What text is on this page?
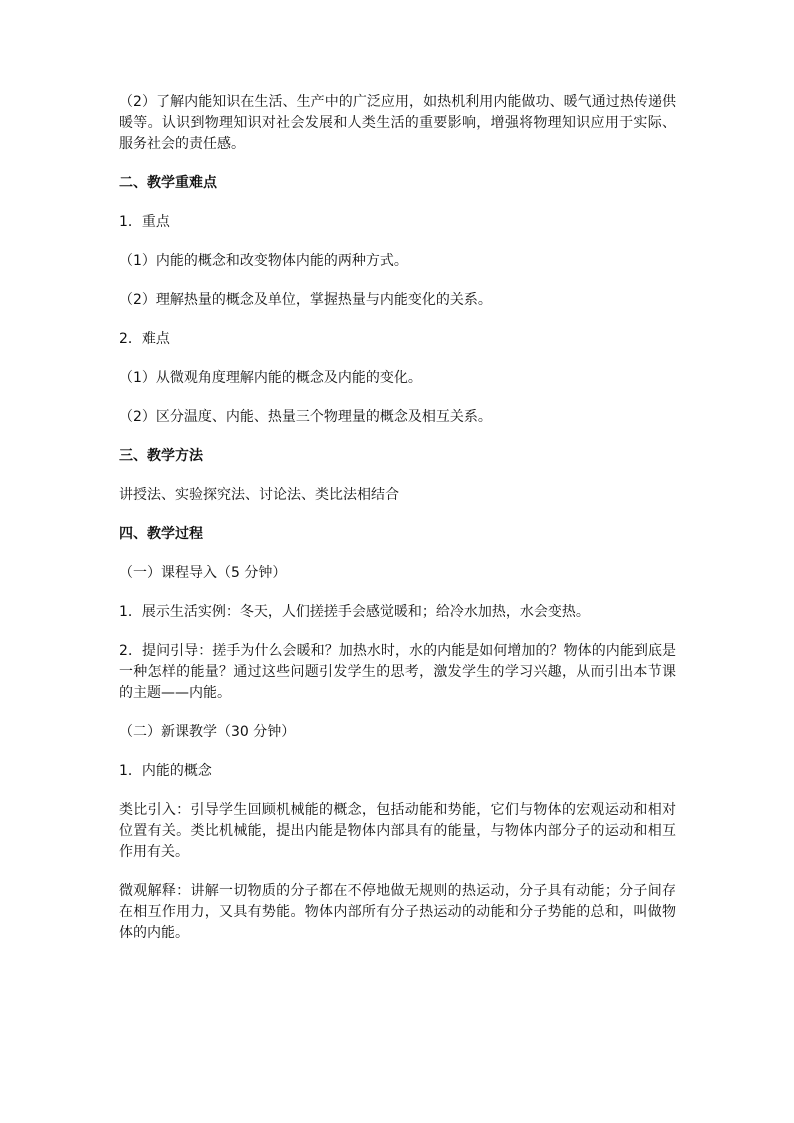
（2）了解内能知识在生活、生产中的广泛应用，如热机利用内能做功、暖气通过热传递供暖等。认识到物理知识对社会发展和人类生活的重要影响，增强将物理知识应用于实际、服务社会的责任感。

二、教学重难点

1．重点

（1）内能的概念和改变物体内能的两种方式。

（2）理解热量的概念及单位，掌握热量与内能变化的关系。

2．难点

（1）从微观角度理解内能的概念及内能的变化。

（2）区分温度、内能、热量三个物理量的概念及相互关系。

三、教学方法

讲授法、实验探究法、讨论法、类比法相结合

四、教学过程

（一）课程导入（5 分钟）

1．展示生活实例：冬天，人们搓搓手会感觉暖和；给冷水加热，水会变热。

2．提问引导：搓手为什么会暖和？加热水时，水的内能是如何增加的？物体的内能到底是一种怎样的能量？通过这些问题引发学生的思考，激发学生的学习兴趣，从而引出本节课的主题——内能。

（二）新课教学（30 分钟）

1．内能的概念

类比引入：引导学生回顾机械能的概念，包括动能和势能，它们与物体的宏观运动和相对位置有关。类比机械能，提出内能是物体内部具有的能量，与物体内部分子的运动和相互作用有关。

微观解释：讲解一切物质的分子都在不停地做无规则的热运动，分子具有动能；分子间存在相互作用力，又具有势能。物体内部所有分子热运动的动能和分子势能的总和，叫做物体的内能。
